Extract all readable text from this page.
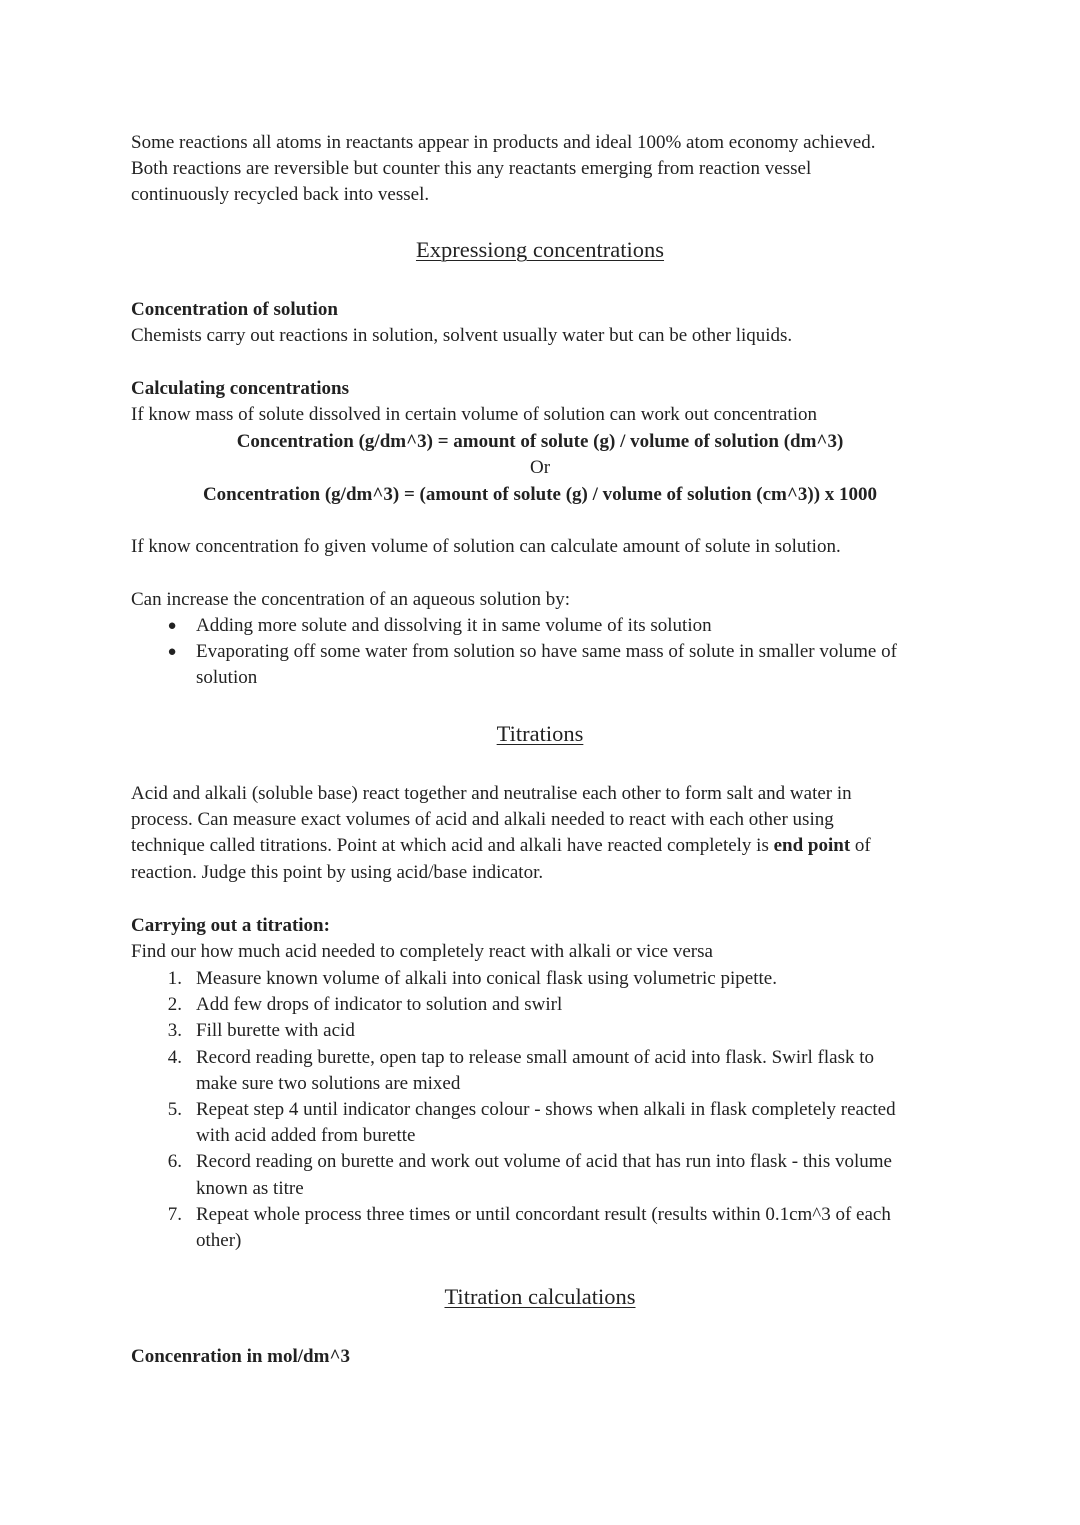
Some reactions all atoms in reactants appear in products and ideal 100% atom economy achieved.
Both reactions are reversible but counter this any reactants emerging from reaction vessel
continuously recycled back into vessel.
Expressiong concentrations
Concentration of solution
Chemists carry out reactions in solution, solvent usually water but can be other liquids.
Calculating concentrations
If know mass of solute dissolved in certain volume of solution can work out concentration
Concentration (g/dm^3) = amount of solute (g) / volume of solution (dm^3)
Or
Concentration (g/dm^3) = (amount of solute (g) / volume of solution (cm^3)) x 1000
If know concentration fo given volume of solution can calculate amount of solute in solution.
Can increase the concentration of an aqueous solution by:
● Adding more solute and dissolving it in same volume of its solution
● Evaporating off some water from solution so have same mass of solute in smaller volume of
solution
Titrations
Acid and alkali (soluble base) react together and neutralise each other to form salt and water in
process. Can measure exact volumes of acid and alkali needed to react with each other using
technique called titrations. Point at which acid and alkali have reacted completely is end point of
reaction. Judge this point by using acid/base indicator.
Carrying out a titration:
Find our how much acid needed to completely react with alkali or vice versa
1. Measure known volume of alkali into conical flask using volumetric pipette.
2. Add few drops of indicator to solution and swirl
3. Fill burette with acid
4. Record reading burette, open tap to release small amount of acid into flask. Swirl flask to
make sure two solutions are mixed
5. Repeat step 4 until indicator changes colour - shows when alkali in flask completely reacted
with acid added from burette
6. Record reading on burette and work out volume of acid that has run into flask - this volume
known as titre
7. Repeat whole process three times or until concordant result (results within 0.1cm^3 of each
other)
Titration calculations
Concenration in mol/dm^3
